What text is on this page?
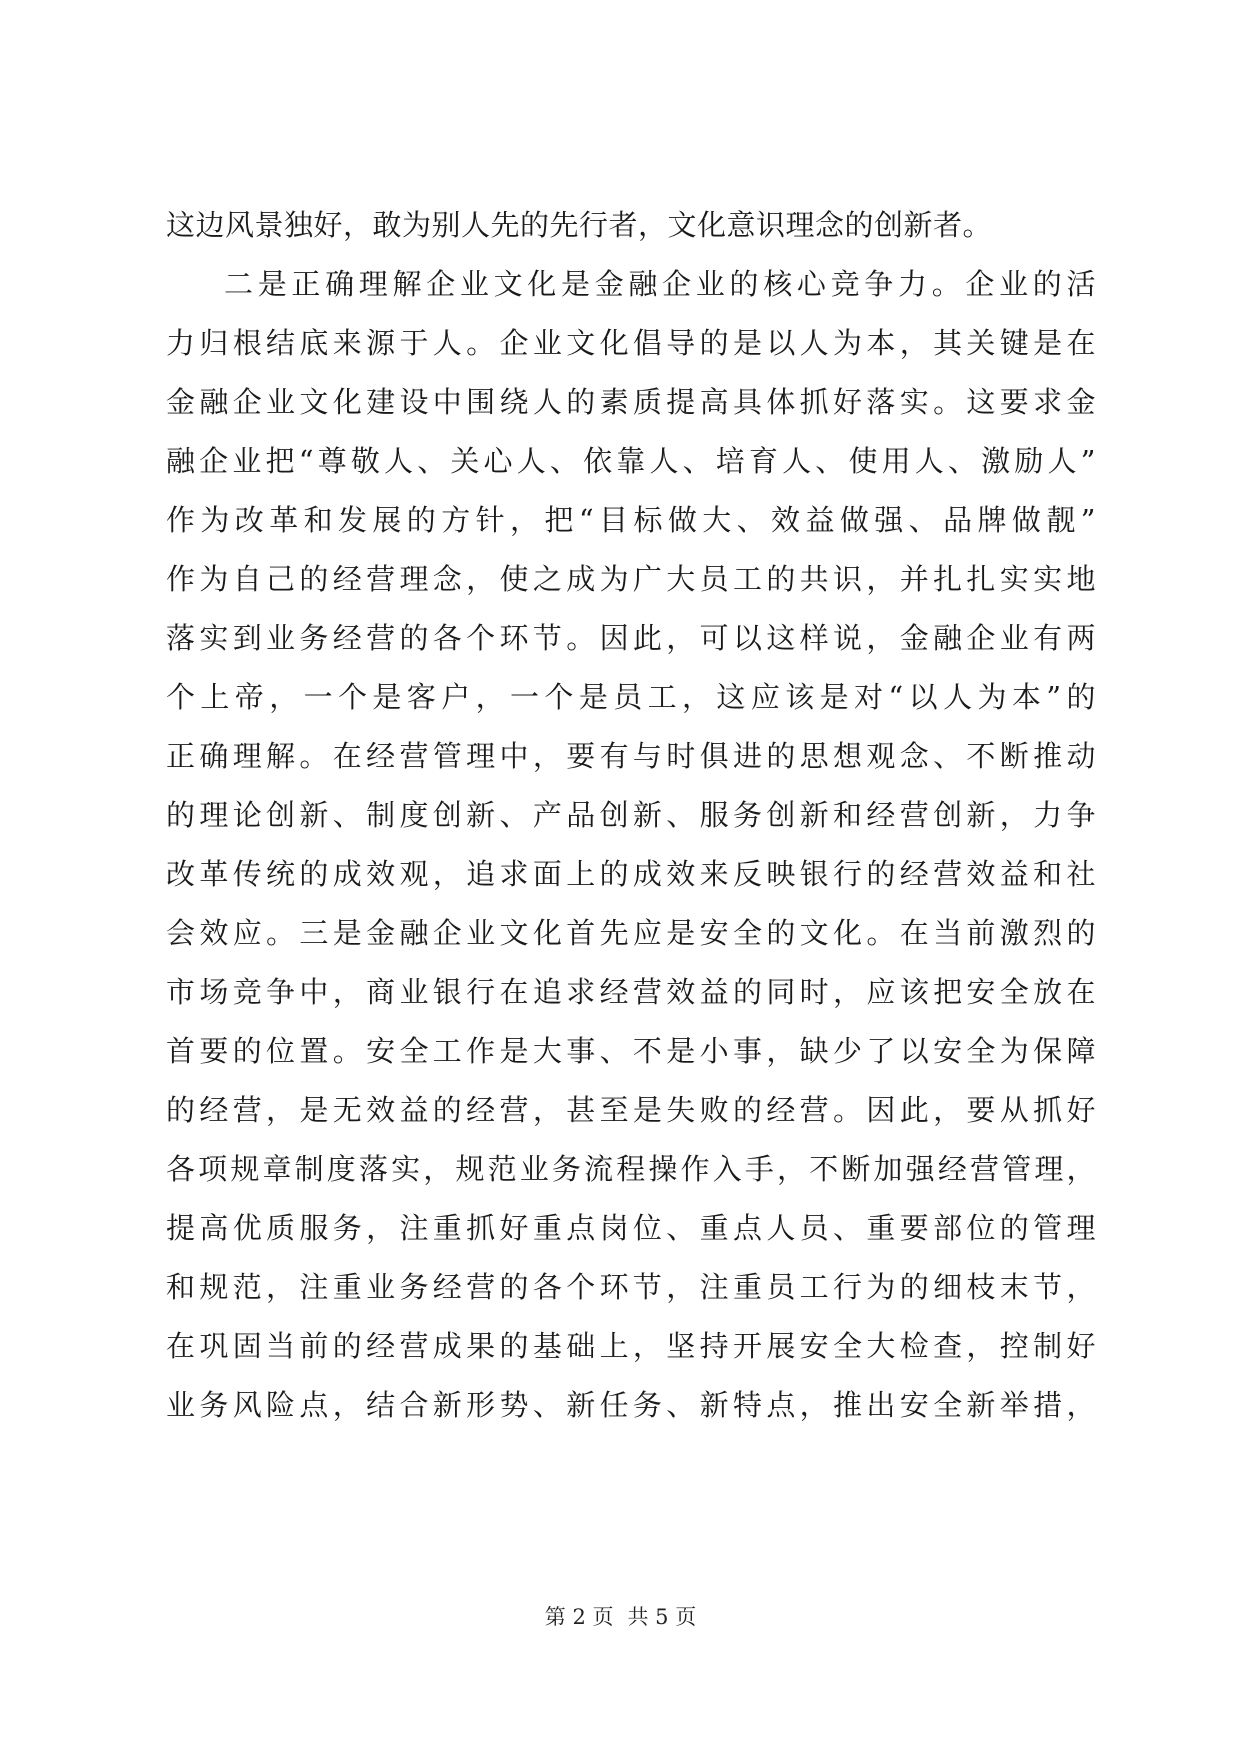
这边风景独好，敢为别人先的先行者，文化意识理念的创新者。
二是正确理解企业文化是金融企业的核心竞争力。企业的活
力归根结底来源于人。企业文化倡导的是以人为本，其关键是在
金融企业文化建设中围绕人的素质提高具体抓好落实。这要求金
融企业把“尊敬人、关心人、依靠人、培育人、使用人、激励人”
作为改革和发展的方针，把“目标做大、效益做强、品牌做靓”
作为自己的经营理念，使之成为广大员工的共识，并扎扎实实地
落实到业务经营的各个环节。因此，可以这样说，金融企业有两
个上帝，一个是客户，一个是员工，这应该是对“以人为本”的
正确理解。在经营管理中，要有与时俱进的思想观念、不断推动
的理论创新、制度创新、产品创新、服务创新和经营创新，力争
改革传统的成效观，追求面上的成效来反映银行的经营效益和社
会效应。三是金融企业文化首先应是安全的文化。在当前激烈的
市场竞争中，商业银行在追求经营效益的同时，应该把安全放在
首要的位置。安全工作是大事、不是小事，缺少了以安全为保障
的经营，是无效益的经营，甚至是失败的经营。因此，要从抓好
各项规章制度落实，规范业务流程操作入手，不断加强经营管理，
提高优质服务，注重抓好重点岗位、重点人员、重要部位的管理
和规范，注重业务经营的各个环节，注重员工行为的细枝末节，
在巩固当前的经营成果的基础上，坚持开展安全大检查，控制好
业务风险点，结合新形势、新任务、新特点，推出安全新举措，
第 2 页 共 5 页
